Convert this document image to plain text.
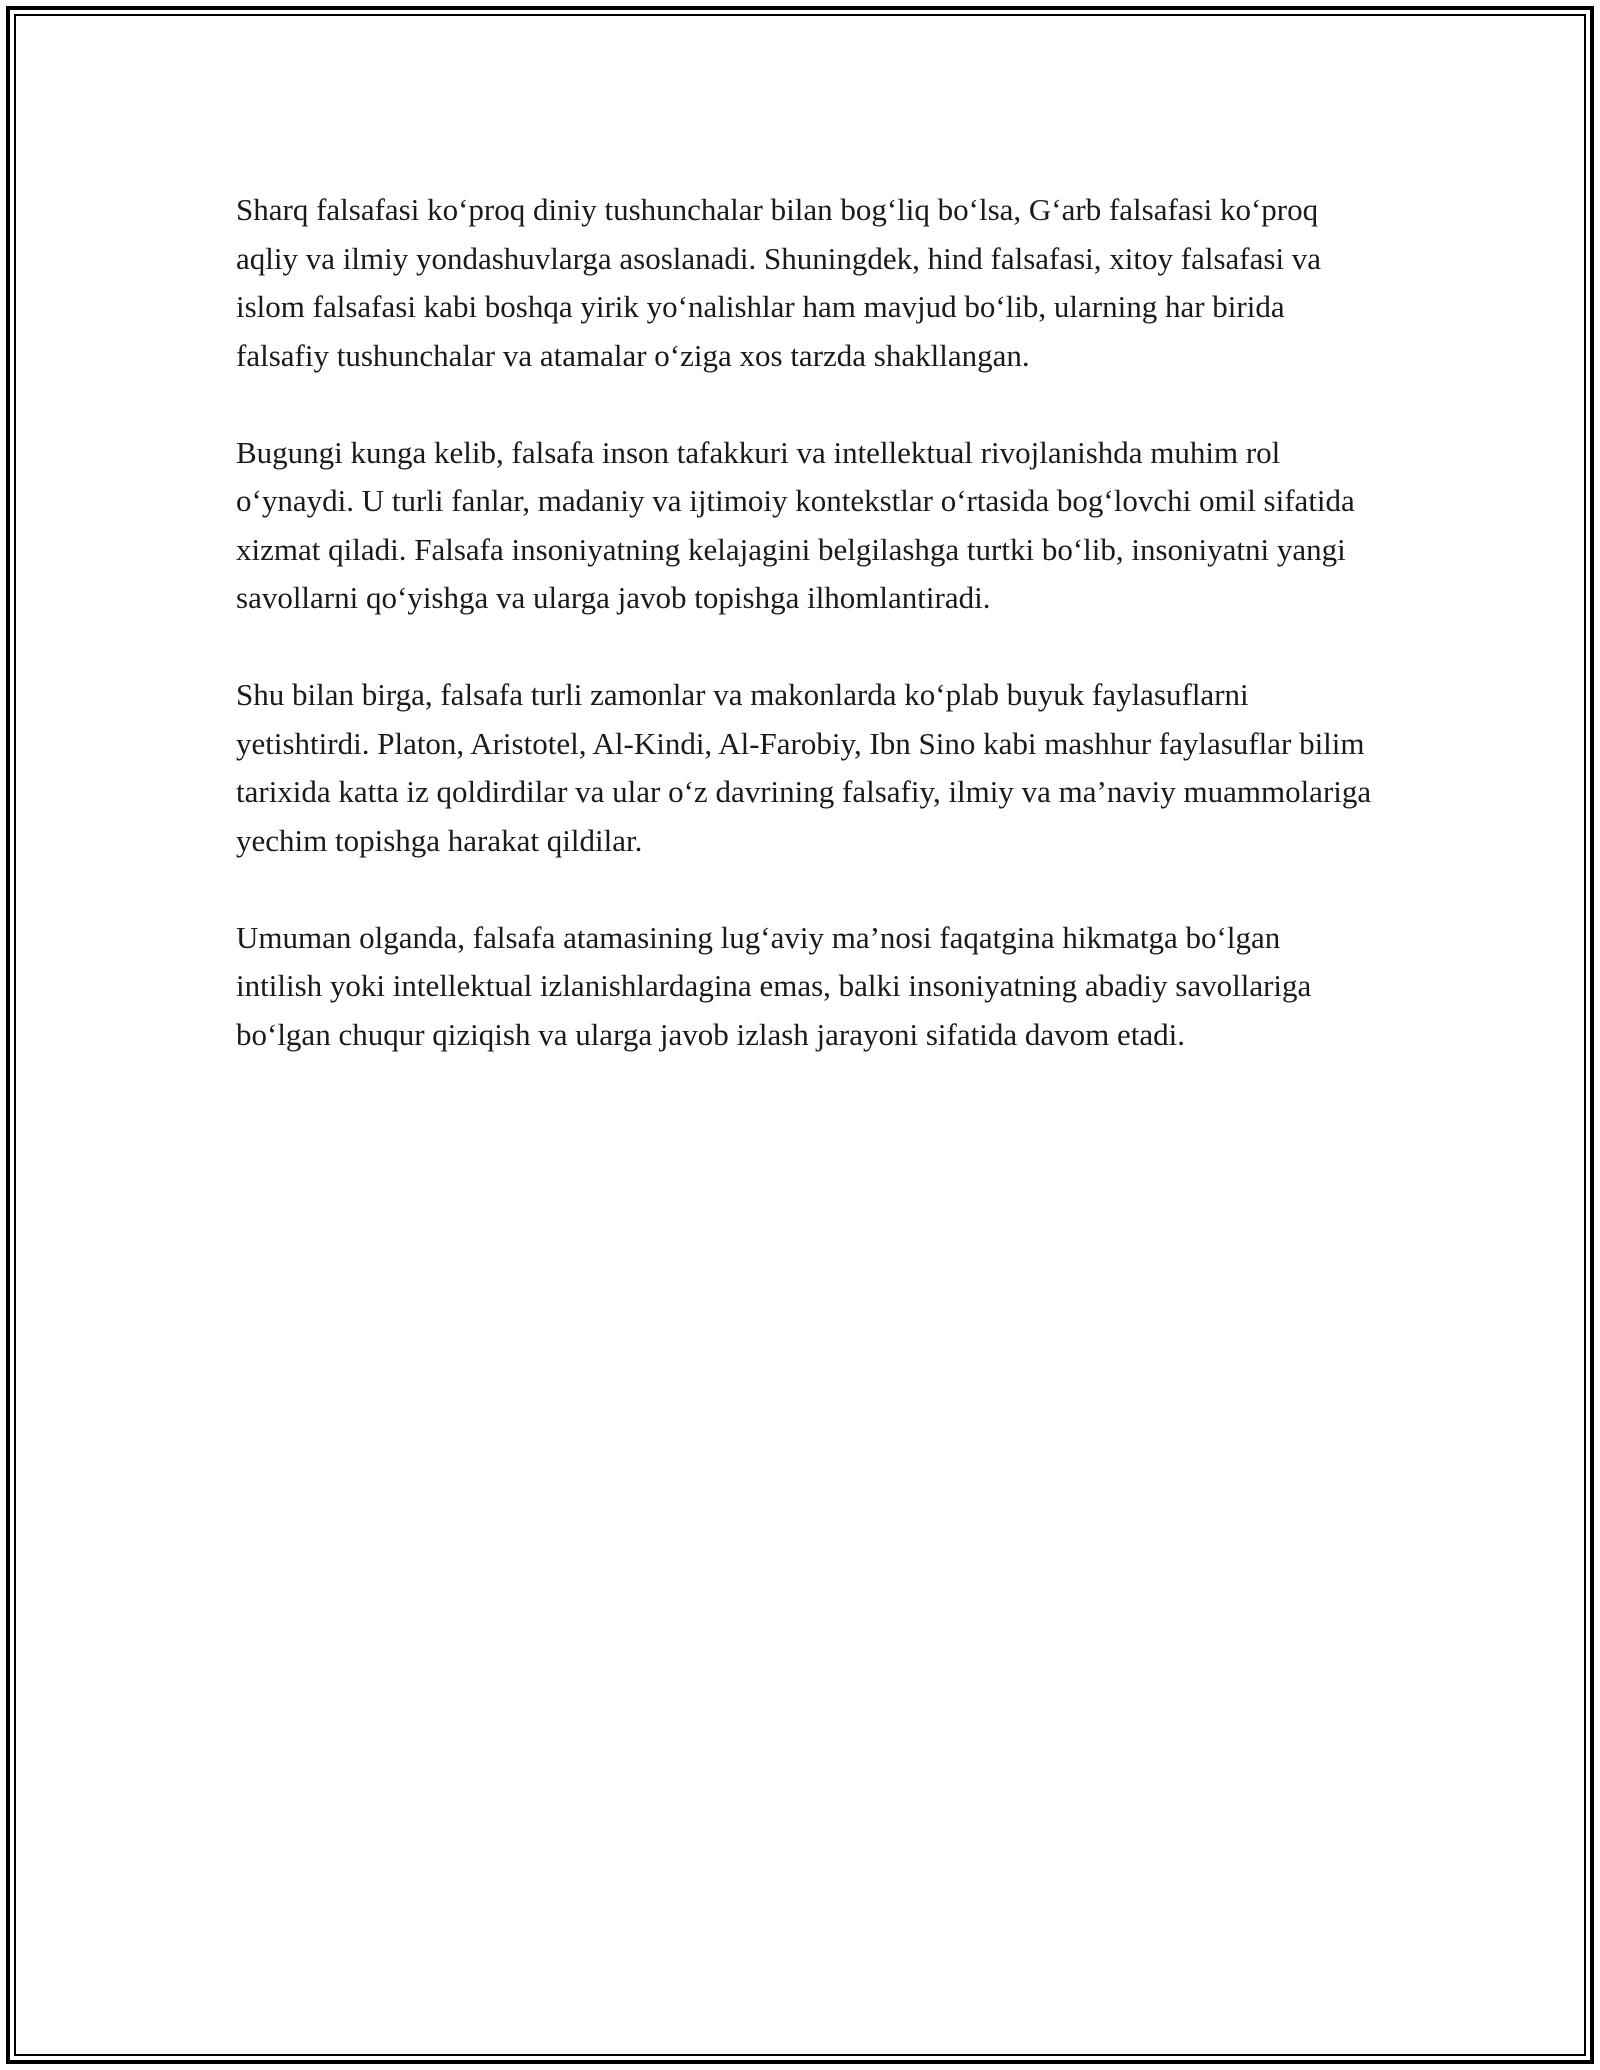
Sharq falsafasi ko‘proq diniy tushunchalar bilan bog‘liq bo‘lsa, G‘arb falsafasi ko‘proq aqliy va ilmiy yondashuvlarga asoslanadi. Shuningdek, hind falsafasi, xitoy falsafasi va islom falsafasi kabi boshqa yirik yo‘nalishlar ham mavjud bo‘lib, ularning har birida falsafiy tushunchalar va atamalar o‘ziga xos tarzda shakllangan.

Bugungi kunga kelib, falsafa inson tafakkuri va intellektual rivojlanishda muhim rol o‘ynaydi. U turli fanlar, madaniy va ijtimoiy kontekstlar o‘rtasida bog‘lovchi omil sifatida xizmat qiladi. Falsafa insoniyatning kelajagini belgilashga turtki bo‘lib, insoniyatni yangi savollarni qo‘yishga va ularga javob topishga ilhomlantiradi.

Shu bilan birga, falsafa turli zamonlar va makonlarda ko‘plab buyuk faylasuflarni yetishtirdi. Platon, Aristotel, Al-Kindi, Al-Farobiy, Ibn Sino kabi mashhur faylasuflar bilim tarixida katta iz qoldirdilar va ular o‘z davrining falsafiy, ilmiy va ma’naviy muammolariga yechim topishga harakat qildilar.

Umuman olganda, falsafa atamasining lug‘aviy ma’nosi faqatgina hikmatga bo‘lgan intilish yoki intellektual izlanishlardagina emas, balki insoniyatning abadiy savollariga bo‘lgan chuqur qiziqish va ularga javob izlash jarayoni sifatida davom etadi.
